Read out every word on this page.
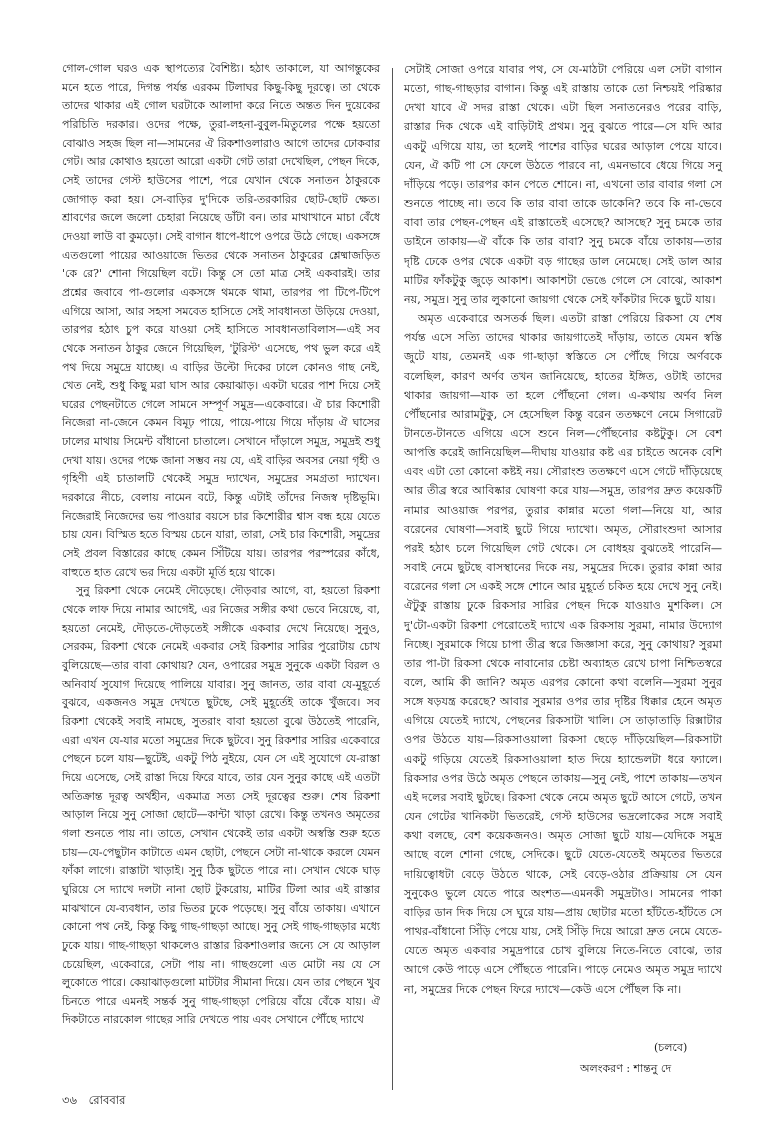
গোল-গোল ঘরও এক স্থাপত্যের বৈশিষ্ট্য। হঠাৎ তাকালে, যা আগন্তুকের মনে হতে পারে, দিগন্ত পর্যন্ত এরকম টিলাঘর কিছু-কিছু দূরত্বে। তা থেকে তাদের থাকার এই গোল ঘরটাকে আলাদা করে নিতে অন্তত দিন দুয়েকের পরিচিতি দরকার। ওদের পক্ষে, তুরা-লহনা-বুবুল-মিতুলের পক্ষে হয়তো বোঝাও সহজ ছিল না—সামনের ঐ রিকশাওলারাও আগে তাদের ঢোকবার গেট। আর কোথাও হয়তো আরো একটা গেট তারা দেখেছিল, পেছন দিকে, সেই তাদের গেস্ট হাউসের পাশে, পরে যেখান থেকে সনাতন ঠাকুরকে জোগাড় করা হয়। সে-বাড়ির দু'দিকে তরি-তরকারির ছোট-ছোট ক্ষেত। শ্রাবণের জলে জলো চেহারা নিয়েছে ডাঁটা বন। তার মাথাখানে মাচা বেঁধে দেওয়া লাউ বা কুমড়ো। সেই বাগান ধাপে-ধাপে ওপরে উঠে গেছে। একসঙ্গে এতগুলো পায়ের আওয়াজে ভিতর থেকে সনাতন ঠাকুরের শ্লেষ্মাজড়িত 'কে রে?' শোনা গিয়েছিল বটে। কিন্তু সে তো মাত্র সেই একবারই। তার প্রশ্নের জবাবে পা-গুলোর একসঙ্গে থমকে থামা, তারপর পা টিপে-টিপে এগিয়ে আসা, আর সহসা সমবেত হাসিতে সেই সাবধানতা উড়িয়ে দেওয়া, তারপর হঠাৎ চুপ করে যাওয়া সেই হাসিতে সাবধানতাবিলাস—এই সব থেকে সনাতন ঠাকুর জেনে গিয়েছিল, 'টুরিস্ট' এসেছে, পথ ভুল করে এই পথ দিয়ে সমুদ্রে যাচ্ছে। এ বাড়ির উল্টো দিকের ঢালে কোনও গাছ নেই, খেত নেই, শুধু কিছু মরা ঘাস আর কেয়াঝাড়। একটা ঘরের পাশ দিয়ে সেই ঘরের পেছনটাতে গেলে সামনে সম্পূর্ণ সমুদ্র—একেবারে। ঐ চার কিশোরী নিজেরা না-জেনে কেমন বিমূঢ় পায়ে, পায়ে-পায়ে গিয়ে দাঁড়ায় ঐ ঘাসের ঢালের মাথায় সিমেন্ট বাঁধানো চাতালে। সেখানে দাঁড়ালে সমুদ্র, সমুদ্রই শুধু দেখা যায়। ওদের পক্ষে জানা সম্ভব নয় যে, এই বাড়ির অবসর নেয়া গৃহী ও গৃহিণী এই চাতালটি থেকেই সমুদ্র দ্যাখেন, সমুদ্রের সমগ্রতা দ্যাখেন। দরকারে নীচে, বেলায় নামেন বটে, কিন্তু এটাই তাঁদের নিজস্ব দৃষ্টিভূমি। নিজেরাই নিজেদের ভয় পাওয়ার বয়সে চার কিশোরীর শ্বাস বন্ধ হয়ে যেতে চায় যেন। বিস্মিত হতে বিস্ময় চেনে যারা, তারা, সেই চার কিশোরী, সমুদ্রের সেই প্রবল বিস্তারের কাছে কেমন সিঁটিয়ে যায়। তারপর পরস্পরের কাঁধে, বাহুতে হাত রেখে ভর দিয়ে একটা মূর্তি হয়ে থাকে।

সুনু রিকশা থেকে নেমেই দৌড়েছে। দৌড়বার আগে, বা, হয়তো রিকশা থেকে লাফ দিয়ে নামার আগেই, এর নিজের সঙ্গীর কথা ভেবে নিয়েছে, বা, হয়তো নেমেই, দৌড়তে-দৌড়তেই সঙ্গীকে একবার দেখে নিয়েছে। সুনুও, সেরকম, রিকশা থেকে নেমেই একবার সেই রিকশার সারির পুরোটায় চোখ বুলিয়েছে—তার বাবা কোথায়? যেন, ওপারের সমুদ্র সুনুকে একটা বিরল ও অনিবার্য সুযোগ দিয়েছে পালিয়ে যাবার। সুনু জানত, তার বাবা যে-মুহূর্তে বুঝবে, একজনও সমুদ্র দেখতে ছুটছে, সেই মুহূর্তেই তাকে খুঁজবে। সব রিকশা থেকেই সবাই নামছে, সুতরাং বাবা হয়তো বুঝে উঠতেই পারেনি, এরা এখন যে-যার মতো সমুদ্রের দিকে ছুটবে। সুনু রিকশার সারির একেবারে পেছনে চলে যায়—ছুটেই, একটু পিঠ নুইয়ে, যেন সে এই সুযোগে যে-রাস্তা দিয়ে এসেছে, সেই রাস্তা দিয়ে ফিরে যাবে, তার যেন সুনুর কাছে এই এতটা অতিক্রান্ত দূরত্ব অর্থহীন, একমাত্র সত্য সেই দূরত্বের শুরু। শেষ রিকশা আড়াল নিয়ে সুনু সোজা ছোটে—কান্টা খাড়া রেখে। কিন্তু তখনও অমৃতের গলা শুনতে পায় না। তাতে, সেখান থেকেই তার একটা অস্বস্তি শুরু হতে চায়—যে-পেছুটান কাটাতে এমন ছোটা, পেছনে সেটা না-থাকে করলে যেমন ফাঁকা লাগে। রাস্তাটা খাড়াই। সুনু ঠিক ছুটতে পারে না। সেখান থেকে ঘাড় ঘুরিয়ে সে দ্যাখে দলটা নানা ছোট টুকরোয়, মাটির টিলা আর এই রাস্তার মাঝখানে যে-ব্যবধান, তার ভিতর ঢুকে পড়েছে। সুনু বাঁয়ে তাকায়। এখানে কোনো পথ নেই, কিন্তু কিছু গাছ-গাছড়া আছে। সুনু সেই গাছ-গাছড়ার মধ্যে ঢুকে যায়। গাছ-গাছড়া থাকলেও রাস্তার রিকশাওলার জন্যে সে যে আড়াল চেয়েছিল, একেবারে, সেটা পায় না। গাছগুলো এত মোটা নয় যে সে লুকোতে পারে। কেয়াঝাড়গুলো মাটটার সীমানা দিয়ে। যেন তার পেছনে খুব চিনতে পারে এমনই সন্তর্ক সুনু গাছ-গাছড়া পেরিয়ে বাঁয়ে বেঁকে যায়। ঐ দিকটাতে নারকোল গাছের সারি দেখতে পায় এবং সেখানে পৌঁছে দ্যাখে

সেটাই সোজা ওপরে যাবার পথ, সে যে-মাঠটা পেরিয়ে এল সেটা বাগান মতো, গাছ-গাছড়ার বাগান। কিন্তু এই রাস্তায় তাকে তো নিশ্চয়ই পরিষ্কার দেখা যাবে ঐ সদর রাস্তা থেকে। এটা ছিল সনাতনেরও পরের বাড়ি, রাস্তার দিক থেকে এই বাড়িটাই প্রথম। সুনু বুঝতে পারে—সে যদি আর একটু এগিয়ে যায়, তা হলেই পাশের বাড়ির ঘরের আড়াল পেয়ে যাবে। যেন, ঐ কটি পা সে ফেলে উঠতে পারবে না, এমনভাবে ধেয়ে গিয়ে সনু দাঁড়িয়ে পড়ে। তারপর কান পেতে শোনে। না, এখনো তার বাবার গলা সে শুনতে পাচ্ছে না। তবে কি তার বাবা তাকে ডাকেনি? তবে কি না-ভেবে বাবা তার পেছন-পেছন এই রাস্তাতেই এসেছে? আসছে? সুনু চমকে তার ডাইনে তাকায়—ঐ বাঁকে কি তার বাবা? সুনু চমকে বাঁয়ে তাকায়—তার দৃষ্টি ঢেকে ওপর থেকে একটা বড় গাছের ডাল নেমেছে। সেই ডাল আর মাটির ফাঁকটুকু জুড়ে আকাশ। আকাশটা ভেঙে গেলে সে বোঝে, আকাশ নয়, সমুদ্র। সুনু তার লুকানো জায়গা থেকে সেই ফাঁকটার দিকে ছুটে যায়।

অমৃত একেবারে অসতর্ক ছিল। এতটা রাস্তা পেরিয়ে রিকসা যে শেষ পর্যন্ত এসে সত্যি তাদের থাকার জায়গাতেই দাঁড়ায়, তাতে যেমন স্বস্তি জুটে যায়, তেমনই এক গা-ছাড়া স্বস্তিতে সে পৌঁছে গিয়ে অর্ণবকে বলেছিল, কারণ অর্ণব তখন জানিয়েছে, হাতের ইঙ্গিত, ওটাই তাদের থাকার জায়গা—যাক তা হলে পৌঁছনো গেল। এ-কথায় অর্ণব নিল পৌঁছনোর আরামটুকু, সে হেসেছিল কিন্তু বরেন ততক্ষণে নেমে সিগারেট টানতে-টানতে এগিয়ে এসে শুনে নিল—পৌঁছনোর কষ্টটুকু। সে বেশ আপত্তি করেই জানিয়েছিল—দীঘায় যাওয়ার কষ্ট এর চাইতে অনেক বেশি এবং এটা তো কোনো কষ্টই নয়। সৌরাংশু ততক্ষণে এসে গেটে দাঁড়িয়েছে আর তীব্র স্বরে আবিষ্কার ঘোষণা করে যায়—সমুদ্র, তারপর দ্রুত কয়েকটি নামার আওয়াজ পরপর, তুরার কান্নার মতো গলা—নিয়ে যা, আর বরেনের ঘোষণা—সবাই ছুটে গিয়ে দ্যাখো। অমৃত, সৌরাংশুদা আসার পরই হঠাৎ চলে গিয়েছিল গেট থেকে। সে বোধহয় বুঝতেই পারেনি—সবাই নেমে ছুটছে বাসস্থানের দিকে নয়, সমুদ্রের দিকে। তুরার কান্না আর বরেনের গলা সে একই সঙ্গে শোনে আর মুহূর্তে চকিত হয়ে দেখে সুনু নেই। ঐটুকু রাস্তায় ঢুকে রিকসার সারির পেছন দিকে যাওয়াও মুশকিল। সে দু'টো-একটা রিকশা পেরোতেই দ্যাখে এক রিকসায় সুরমা, নামার উদ্যোগ নিচ্ছে। সুরমাকে গিয়ে চাপা তীব্র স্বরে জিজ্ঞাসা করে, সুনু কোথায়? সুরমা তার পা-টা রিকসা থেকে নাবানোর চেষ্টা অব্যাহত রেখে চাপা নিশ্চিতস্বরে বলে, আমি কী জানি? অমৃত এরপর কোনো কথা বলেনি—সুরমা সুনুর সঙ্গে ষড়যন্ত্র করেছে? আবার সুরমার ওপর তার দৃষ্টির ধিক্কার হেনে অমৃত এগিয়ে যেতেই দ্যাখে, পেছনের রিকসাটা খালি। সে তাড়াতাড়ি রিক্সাটার ওপর উঠতে যায়—রিকসাওয়ালা রিকসা ছেড়ে দাঁড়িয়েছিল—রিকসাটা একটু গড়িয়ে যেতেই রিকসাওয়ালা হাত দিয়ে হ্যান্ডেলটা ধরে ফ্যালে। রিকসার ওপর উঠে অমৃত পেছনে তাকায়—সুনু নেই, পাশে তাকায়—তখন এই দলের সবাই ছুটছে। রিকসা থেকে নেমে অমৃত ছুটে আসে গেটে, তখন যেন গেটের খানিকটা ভিতরেই, গেস্ট হাউসের ভদ্রলোকের সঙ্গে সবাই কথা বলছে, বেশ কয়েকজনও। অমৃত সোজা ছুটে যায়—যেদিকে সমুদ্র আছে বলে শোনা গেছে, সেদিকে। ছুটে যেতে-যেতেই অমৃতের ভিতরে দায়িত্বোধটা বেড়ে উঠতে থাকে, সেই বেড়ে-ওঠার প্রক্রিয়ায় সে যেন সুনুকেও ভুলে যেতে পারে অংশত—এমনকী সমুদ্রটাও। সামনের পাকা বাড়ির ডান দিক দিয়ে সে ঘুরে যায়—প্রায় ছোটার মতো হাঁটতে-হাঁটতে সে পাথর-বাঁধানো সিঁড়ি পেয়ে যায়, সেই সিঁড়ি দিয়ে আরো দ্রুত নেমে যেতে-যেতে অমৃত একবার সমুদ্রপারে চোখ বুলিয়ে নিতে-নিতে বোঝে, তার আগে কেউ পাড়ে এসে পৌঁছতে পারেনি। পাড়ে নেমেও অমৃত সমুদ্র দ্যাখে না, সমুদ্রের দিকে পেছন ফিরে দ্যাখে—কেউ এসে পৌঁছল কি না।

(চলবে)
অলংকরণ : শান্তনু দে
৩৬ রোববার
